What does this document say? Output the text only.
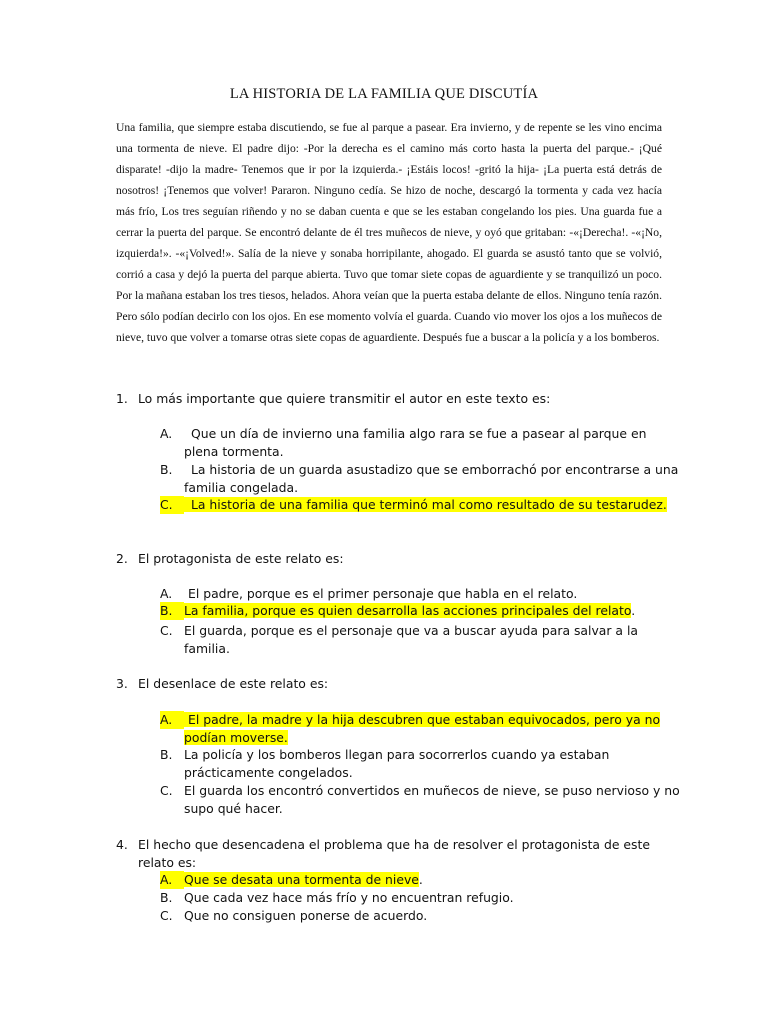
LA HISTORIA DE LA FAMILIA QUE DISCUTÍA

Una familia, que siempre estaba discutiendo, se fue al parque a pasear. Era invierno, y de repente se les vino encima una tormenta de nieve. El padre dijo: -Por la derecha es el camino más corto hasta la puerta del parque.- ¡Qué disparate! -dijo la madre- Tenemos que ir por la izquierda.- ¡Estáis locos! -gritó la hija- ¡La puerta está detrás de nosotros! ¡Tenemos que volver! Pararon. Ninguno cedía. Se hizo de noche, descargó la tormenta y cada vez hacía más frío, Los tres seguían riñendo y no se daban cuenta e que se les estaban congelando los pies. Una guarda fue a cerrar la puerta del parque. Se encontró delante de él tres muñecos de nieve, y oyó que gritaban: -«¡Derecha!. -«¡No, izquierda!». -«¡Volved!». Salía de la nieve y sonaba horripilante, ahogado. El guarda se asustó tanto que se volvió, corrió a casa y dejó la puerta del parque abierta. Tuvo que tomar siete copas de aguardiente y se tranquilizó un poco. Por la mañana estaban los tres tiesos, helados. Ahora veían que la puerta estaba delante de ellos. Ninguno tenía razón. Pero sólo podían decirlo con los ojos. En ese momento volvía el guarda. Cuando vio mover los ojos a los muñecos de nieve, tuvo que volver a tomarse otras siete copas de aguardiente. Después fue a buscar a la policía y a los bomberos.

1. Lo más importante que quiere transmitir el autor en este texto es:
A.	Que un día de invierno una familia algo rara se fue a pasear al parque en plena tormenta.
B.	La historia de un guarda asustadizo que se emborrachó por encontrarse a una familia congelada.
C.	La historia de una familia que terminó mal como resultado de su testarudez.
2. El protagonista de este relato es:
A.	El padre, porque es el primer personaje que habla en el relato.
B. La familia, porque es quien desarrolla las acciones principales del relato.
C. El guarda, porque es el personaje que va a buscar ayuda para salvar a la familia.
3. El desenlace de este relato es:
A.	El padre, la madre y la hija descubren que estaban equivocados, pero ya no podían moverse.
B. La policía y los bomberos llegan para socorrerlos cuando ya estaban prácticamente congelados.
C. El guarda los encontró convertidos en muñecos de nieve, se puso nervioso y no supo qué hacer.
4. El hecho que desencadena el problema que ha de resolver el protagonista de este relato es:
A. Que se desata una tormenta de nieve.
B. Que cada vez hace más frío y no encuentran refugio.
C. Que no consiguen ponerse de acuerdo.
